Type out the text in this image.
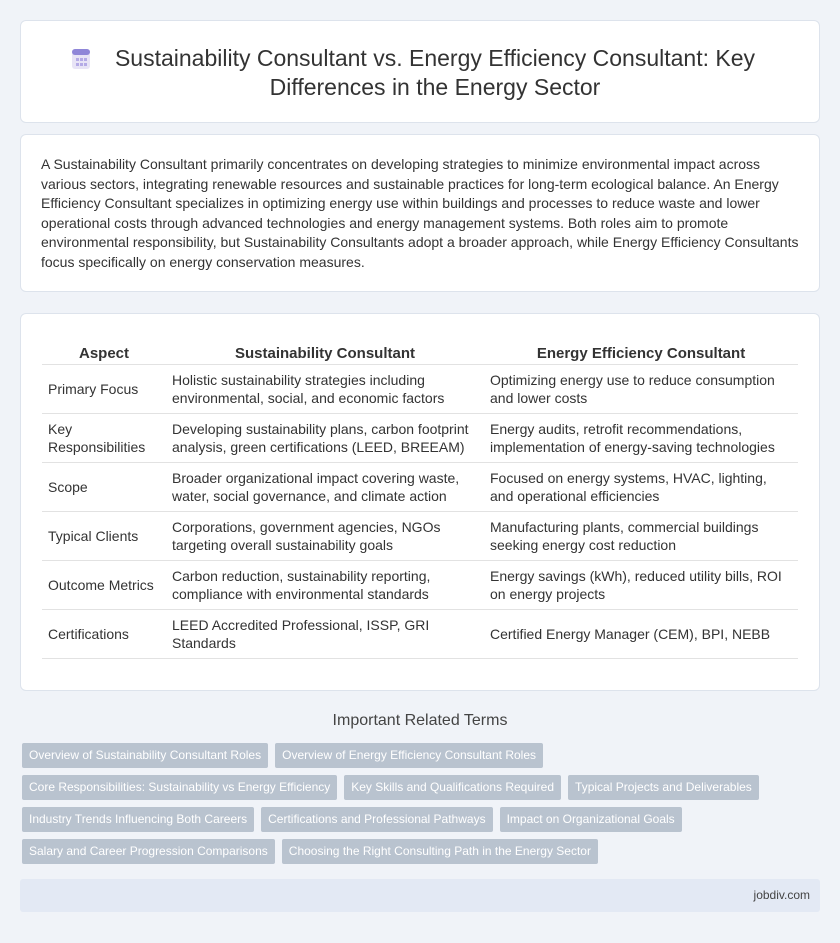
Sustainability Consultant vs. Energy Efficiency Consultant: Key Differences in the Energy Sector

A Sustainability Consultant primarily concentrates on developing strategies to minimize environmental impact across various sectors, integrating renewable resources and sustainable practices for long-term ecological balance. An Energy Efficiency Consultant specializes in optimizing energy use within buildings and processes to reduce waste and lower operational costs through advanced technologies and energy management systems. Both roles aim to promote environmental responsibility, but Sustainability Consultants adopt a broader approach, while Energy Efficiency Consultants focus specifically on energy conservation measures.

Aspect	Sustainability Consultant	Energy Efficiency Consultant
Primary Focus	Holistic sustainability strategies including environmental, social, and economic factors	Optimizing energy use to reduce consumption and lower costs
Key Responsibilities	Developing sustainability plans, carbon footprint analysis, green certifications (LEED, BREEAM)	Energy audits, retrofit recommendations, implementation of energy-saving technologies
Scope	Broader organizational impact covering waste, water, social governance, and climate action	Focused on energy systems, HVAC, lighting, and operational efficiencies
Typical Clients	Corporations, government agencies, NGOs targeting overall sustainability goals	Manufacturing plants, commercial buildings seeking energy cost reduction
Outcome Metrics	Carbon reduction, sustainability reporting, compliance with environmental standards	Energy savings (kWh), reduced utility bills, ROI on energy projects
Certifications	LEED Accredited Professional, ISSP, GRI Standards	Certified Energy Manager (CEM), BPI, NEBB
Important Related Terms
Overview of Sustainability Consultant Roles	Overview of Energy Efficiency Consultant Roles
Core Responsibilities: Sustainability vs Energy Efficiency	Key Skills and Qualifications Required	Typical Projects and Deliverables
Industry Trends Influencing Both Careers	Certifications and Professional Pathways	Impact on Organizational Goals
Salary and Career Progression Comparisons	Choosing the Right Consulting Path in the Energy Sector
jobdiv.com
